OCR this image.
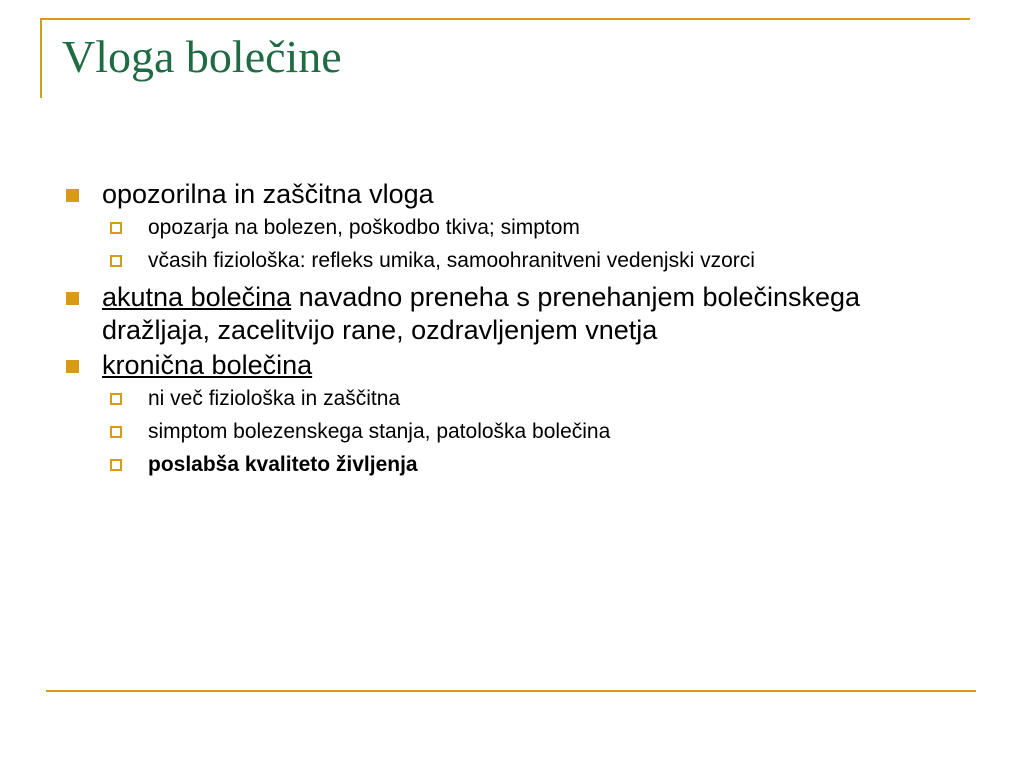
Vloga bolečine
opozorilna in zaščitna vloga
opozarja na bolezen, poškodbo tkiva; simptom
včasih fiziološka: refleks umika, samoohranitveni vedenjski vzorci
akutna bolečina navadno preneha s prenehanjem bolečinskega dražljaja, zacelitvijo rane, ozdravljenjem vnetja
kronična bolečina
ni več fiziološka in zaščitna
simptom bolezenskega stanja, patološka bolečina
poslabša kvaliteto življenja
